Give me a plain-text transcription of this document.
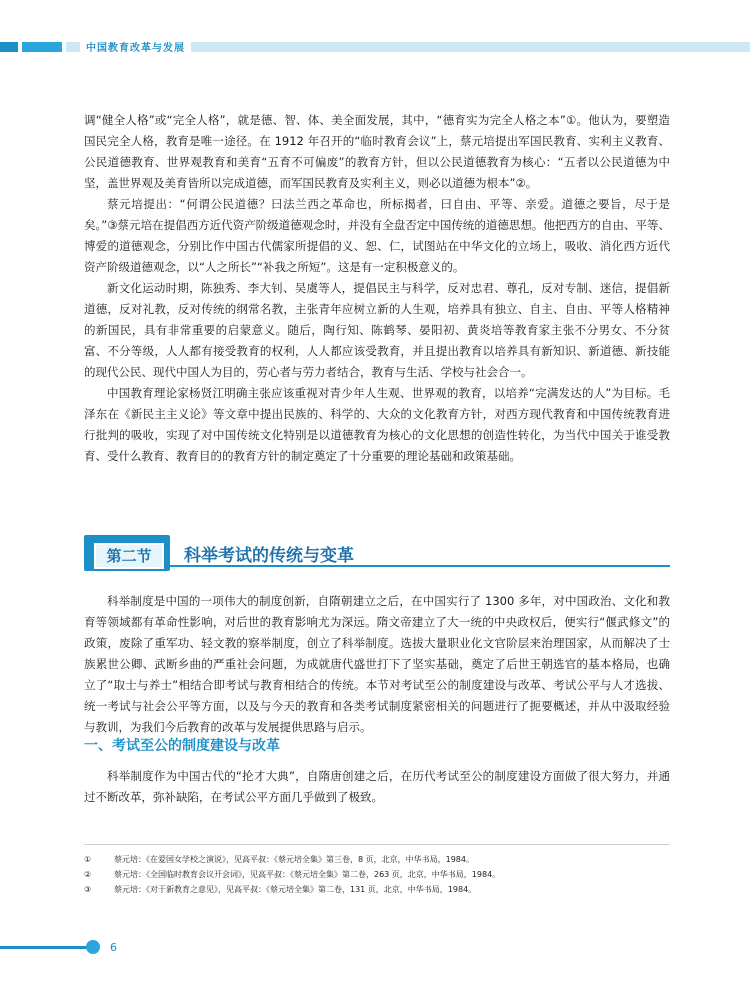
中国教育改革与发展

调“健全人格”或“完全人格”，就是德、智、体、美全面发展，其中，“德育实为完全人格之本”①。他认为，要塑造国民完全人格，教育是唯一途径。在 1912 年召开的“临时教育会议”上，蔡元培提出军国民教育、实利主义教育、公民道德教育、世界观教育和美育“五育不可偏废”的教育方针，但以公民道德教育为核心：“五者以公民道德为中坚，盖世界观及美育皆所以完成道德，而军国民教育及实利主义，则必以道德为根本”②。

蔡元培提出：“何谓公民道德？曰法兰西之革命也，所标揭者，曰自由、平等、亲爱。道德之要旨，尽于是矣。”③蔡元培在提倡西方近代资产阶级道德观念时，并没有全盘否定中国传统的道德思想。他把西方的自由、平等、博爱的道德观念，分别比作中国古代儒家所提倡的义、恕、仁，试图站在中华文化的立场上，吸收、消化西方近代资产阶级道德观念，以“人之所长”“补我之所短”。这是有一定积极意义的。

新文化运动时期，陈独秀、李大钊、吴虞等人，提倡民主与科学，反对忠君、尊孔，反对专制、迷信，提倡新道德，反对礼教，反对传统的纲常名教，主张青年应树立新的人生观，培养具有独立、自主、自由、平等人格精神的新国民，具有非常重要的启蒙意义。随后，陶行知、陈鹤琴、晏阳初、黄炎培等教育家主张不分男女、不分贫富、不分等级，人人都有接受教育的权利，人人都应该受教育，并且提出教育以培养具有新知识、新道德、新技能的现代公民、现代中国人为目的，劳心者与劳力者结合，教育与生活、学校与社会合一。

中国教育理论家杨贤江明确主张应该重视对青少年人生观、世界观的教育，以培养“完满发达的人”为目标。毛泽东在《新民主主义论》等文章中提出民族的、科学的、大众的文化教育方针，对西方现代教育和中国传统教育进行批判的吸收，实现了对中国传统文化特别是以道德教育为核心的文化思想的创造性转化，为当代中国关于谁受教育、受什么教育、教育目的的教育方针的制定奠定了十分重要的理论基础和政策基础。

第二节	科举考试的传统与变革

科举制度是中国的一项伟大的制度创新，自隋朝建立之后，在中国实行了 1300 多年，对中国政治、文化和教育等领域都有革命性影响，对后世的教育影响尤为深远。隋文帝建立了大一统的中央政权后，便实行“偃武修文”的政策，废除了重军功、轻文教的察举制度，创立了科举制度。选拔大量职业化文官阶层来治理国家，从而解决了士族累世公卿、武断乡曲的严重社会问题，为成就唐代盛世打下了坚实基础，奠定了后世王朝选官的基本格局，也确立了“取士与养士”相结合即考试与教育相结合的传统。本节对考试至公的制度建设与改革、考试公平与人才选拔、统一考试与社会公平等方面，以及与今天的教育和各类考试制度紧密相关的问题进行了扼要概述，并从中汲取经验与教训，为我们今后教育的改革与发展提供思路与启示。

一、考试至公的制度建设与改革

科举制度作为中国古代的“抡才大典”，自隋唐创建之后，在历代考试至公的制度建设方面做了很大努力，并通过不断改革，弥补缺陷，在考试公平方面几乎做到了极致。

①	蔡元培：《在爱国女学校之演说》，见高平叔：《蔡元培全集》第三卷，8 页，北京，中华书局，1984。
②	蔡元培：《全国临时教育会议开会词》，见高平叔：《蔡元培全集》第二卷，263 页，北京，中华书局，1984。
③	蔡元培：《对于新教育之意见》，见高平叔：《蔡元培全集》第二卷，131 页，北京，中华书局，1984。
6
